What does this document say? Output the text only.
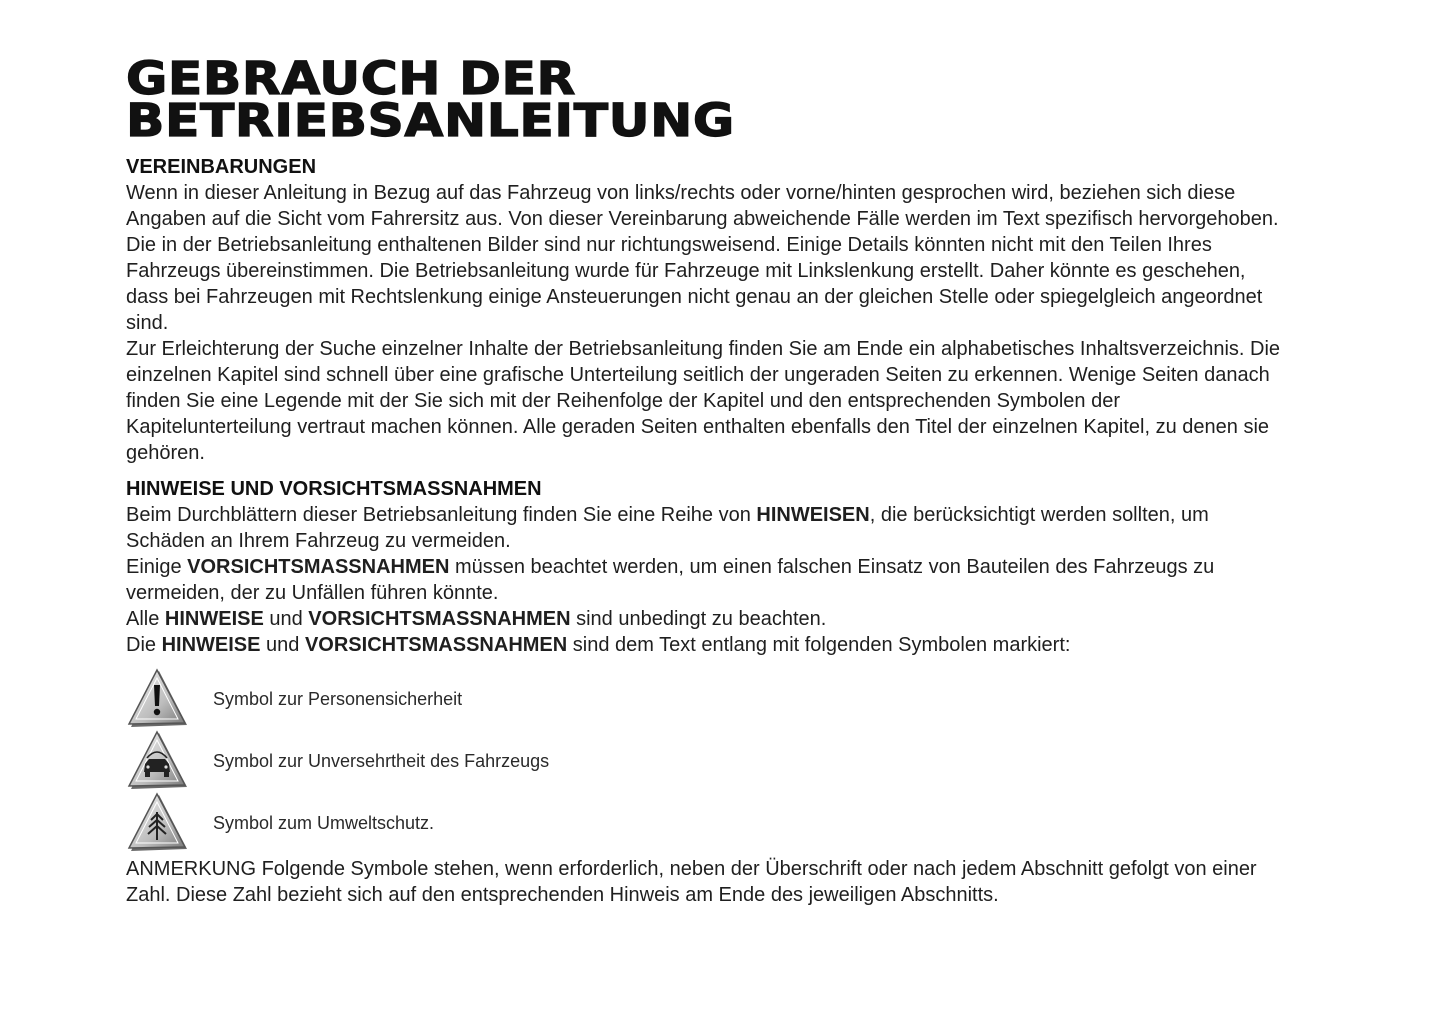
GEBRAUCH DER
BETRIEBSANLEITUNG
VEREINBARUNGEN

Wenn in dieser Anleitung in Bezug auf das Fahrzeug von links/rechts oder vorne/hinten gesprochen wird, beziehen sich diese Angaben auf die Sicht vom Fahrersitz aus. Von dieser Vereinbarung abweichende Fälle werden im Text spezifisch hervorgehoben.

Die in der Betriebsanleitung enthaltenen Bilder sind nur richtungsweisend. Einige Details könnten nicht mit den Teilen Ihres Fahrzeugs übereinstimmen. Die Betriebsanleitung wurde für Fahrzeuge mit Linkslenkung erstellt. Daher könnte es geschehen, dass bei Fahrzeugen mit Rechtslenkung einige Ansteuerungen nicht genau an der gleichen Stelle oder spiegelgleich angeordnet sind.

Zur Erleichterung der Suche einzelner Inhalte der Betriebsanleitung finden Sie am Ende ein alphabetisches Inhaltsverzeichnis. Die einzelnen Kapitel sind schnell über eine grafische Unterteilung seitlich der ungeraden Seiten zu erkennen. Wenige Seiten danach finden Sie eine Legende mit der Sie sich mit der Reihenfolge der Kapitel und den entsprechenden Symbolen der Kapitelunterteilung vertraut machen können. Alle geraden Seiten enthalten ebenfalls den Titel der einzelnen Kapitel, zu denen sie gehören.

HINWEISE UND VORSICHTSMASSNAHMEN

Beim Durchblättern dieser Betriebsanleitung finden Sie eine Reihe von HINWEISEN, die berücksichtigt werden sollten, um Schäden an Ihrem Fahrzeug zu vermeiden.

Einige VORSICHTSMASSNAHMEN müssen beachtet werden, um einen falschen Einsatz von Bauteilen des Fahrzeugs zu vermeiden, der zu Unfällen führen könnte.

Alle HINWEISE und VORSICHTSMASSNAHMEN sind unbedingt zu beachten.

Die HINWEISE und VORSICHTSMASSNAHMEN sind dem Text entlang mit folgenden Symbolen markiert:

Symbol zur Personensicherheit
Symbol zur Unversehrtheit des Fahrzeugs
Symbol zum Umweltschutz.

ANMERKUNG Folgende Symbole stehen, wenn erforderlich, neben der Überschrift oder nach jedem Abschnitt gefolgt von einer Zahl. Diese Zahl bezieht sich auf den entsprechenden Hinweis am Ende des jeweiligen Abschnitts.
